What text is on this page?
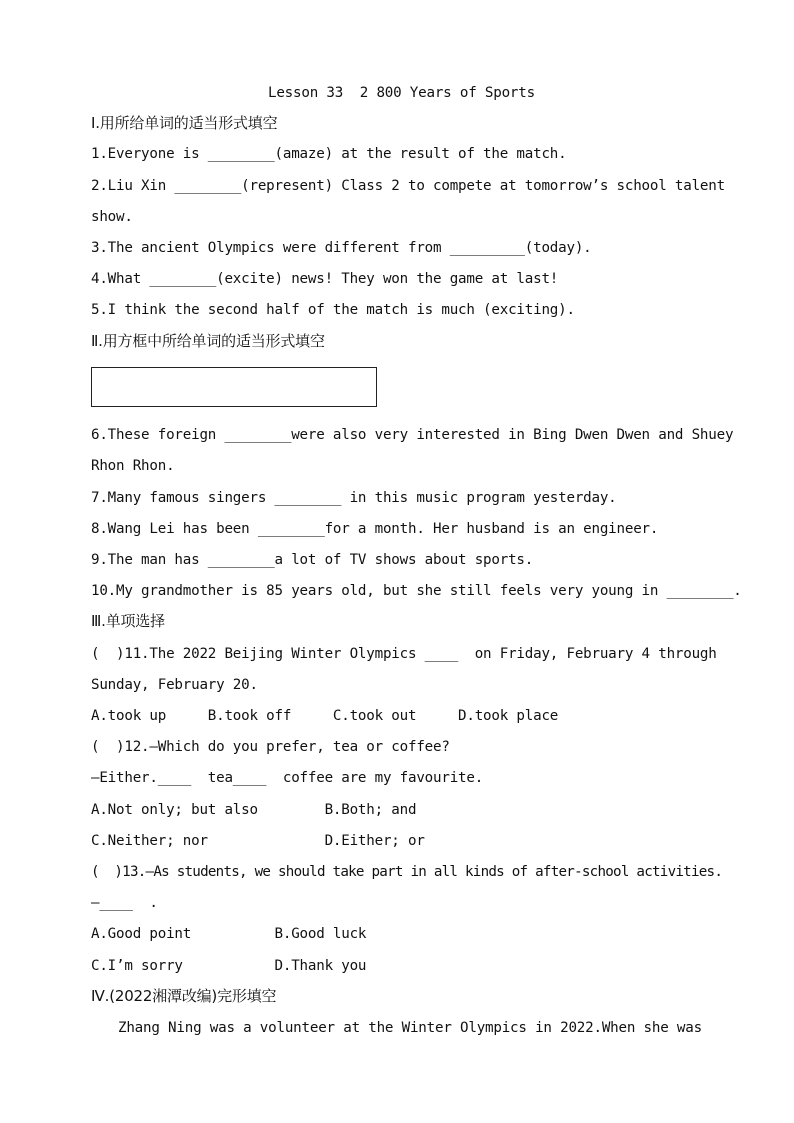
Lesson 33  2 800 Years of Sports
Ⅰ.用所给单词的适当形式填空
1.Everyone is ________(amaze) at the result of the match.
2.Liu Xin ________(represent) Class 2 to compete at tomorrow’s school talent
show.
3.The ancient Olympics were different from _________(today).
4.What ________(excite) news! They won the game at last!
5.I think the second half of the match is much (exciting).
Ⅱ.用方框中所给单词的适当形式填空
6.These foreign ________were also very interested in Bing Dwen Dwen and Shuey
Rhon Rhon.
7.Many famous singers ________ in this music program yesterday.
8.Wang Lei has been ________for a month. Her husband is an engineer.
9.The man has ________a lot of TV shows about sports.
10.My grandmother is 85 years old, but she still feels very young in ________.
Ⅲ.单项选择
(  )11.The 2022 Beijing Winter Olympics ____  on Friday, February 4 through
Sunday, February 20.
A.took up     B.took off     C.took out     D.took place
(  )12.—Which do you prefer, tea or coffee?
—Either.____  tea____  coffee are my favourite.
A.Not only; but also        B.Both; and
C.Neither; nor              D.Either; or
(  )13.—As students, we should take part in all kinds of after-school activities.
—____  .
A.Good point          B.Good luck
C.I’m sorry           D.Thank you
Ⅳ.(2022湘潭改编)完形填空
Zhang Ning was a volunteer at the Winter Olympics in 2022.When she was
